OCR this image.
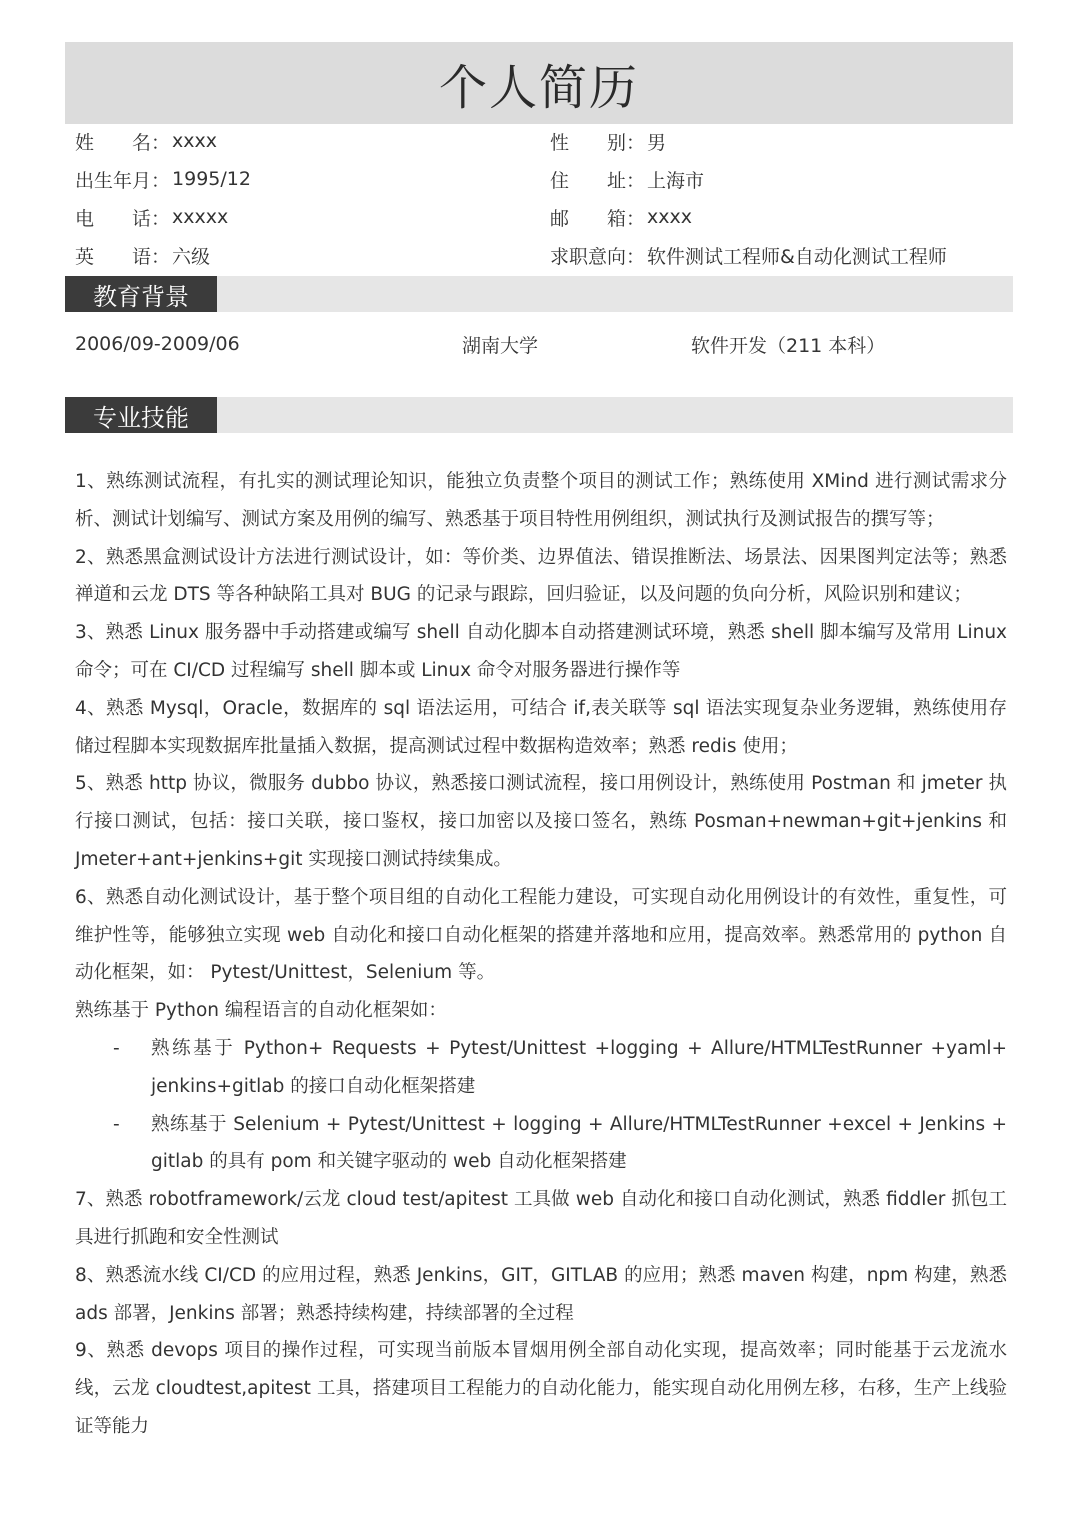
个人简历
姓名 ： xxxx	性别 ： 男
出生年月 ： 1995/12	住址 ： 上海市
电话 ： xxxxx	邮箱 ： xxxx
英语 ： 六级	求职意向 ： 软件测试工程师&自动化测试工程师
教育背景
2006/09-2009/06	湖南大学	软件开发（211 本科）
专业技能

1、熟练测试流程，有扎实的测试理论知识，能独立负责整个项目的测试工作；熟练使用 XMind 进行测试需求分析、测试计划编写、测试方案及用例的编写、熟悉基于项目特性用例组织，测试执行及测试报告的撰写等；

2、熟悉黑盒测试设计方法进行测试设计，如：等价类、边界值法、错误推断法、场景法、因果图判定法等；熟悉禅道和云龙 DTS 等各种缺陷工具对 BUG 的记录与跟踪，回归验证，以及问题的负向分析，风险识别和建议；

3、熟悉 Linux 服务器中手动搭建或编写 shell 自动化脚本自动搭建测试环境，熟悉 shell 脚本编写及常用 Linux 命令；可在 CI/CD 过程编写 shell 脚本或 Linux 命令对服务器进行操作等

4、熟悉 Mysql，Oracle，数据库的 sql 语法运用，可结合 if,表关联等 sql 语法实现复杂业务逻辑，熟练使用存储过程脚本实现数据库批量插入数据，提高测试过程中数据构造效率；熟悉 redis 使用；

5、熟悉 http 协议，微服务 dubbo 协议，熟悉接口测试流程，接口用例设计，熟练使用 Postman 和 jmeter 执行接口测试，包括：接口关联，接口鉴权，接口加密以及接口签名，熟练 Posman+newman+git+jenkins 和 Jmeter+ant+jenkins+git 实现接口测试持续集成。

6、熟悉自动化测试设计，基于整个项目组的自动化工程能力建设，可实现自动化用例设计的有效性，重复性，可维护性等，能够独立实现 web 自动化和接口自动化框架的搭建并落地和应用，提高效率。熟悉常用的 python 自动化框架，如： Pytest/Unittest，Selenium 等。

熟练基于 Python 编程语言的自动化框架如：

-	熟练基于 Python+ Requests + Pytest/Unittest +logging + Allure/HTMLTestRunner +yaml+ jenkins+gitlab 的接口自动化框架搭建
-	熟练基于 Selenium + Pytest/Unittest + logging + Allure/HTMLTestRunner +excel + Jenkins + gitlab 的具有 pom 和关键字驱动的 web 自动化框架搭建

7、熟悉 robotframework/云龙 cloud test/apitest 工具做 web 自动化和接口自动化测试，熟悉 fiddler 抓包工具进行抓跑和安全性测试

8、熟悉流水线 CI/CD 的应用过程，熟悉 Jenkins，GIT，GITLAB 的应用；熟悉 maven 构建，npm 构建，熟悉 ads 部署，Jenkins 部署；熟悉持续构建，持续部署的全过程

9、熟悉 devops 项目的操作过程，可实现当前版本冒烟用例全部自动化实现，提高效率；同时能基于云龙流水线，云龙 cloudtest,apitest 工具，搭建项目工程能力的自动化能力，能实现自动化用例左移，右移，生产上线验证等能力
